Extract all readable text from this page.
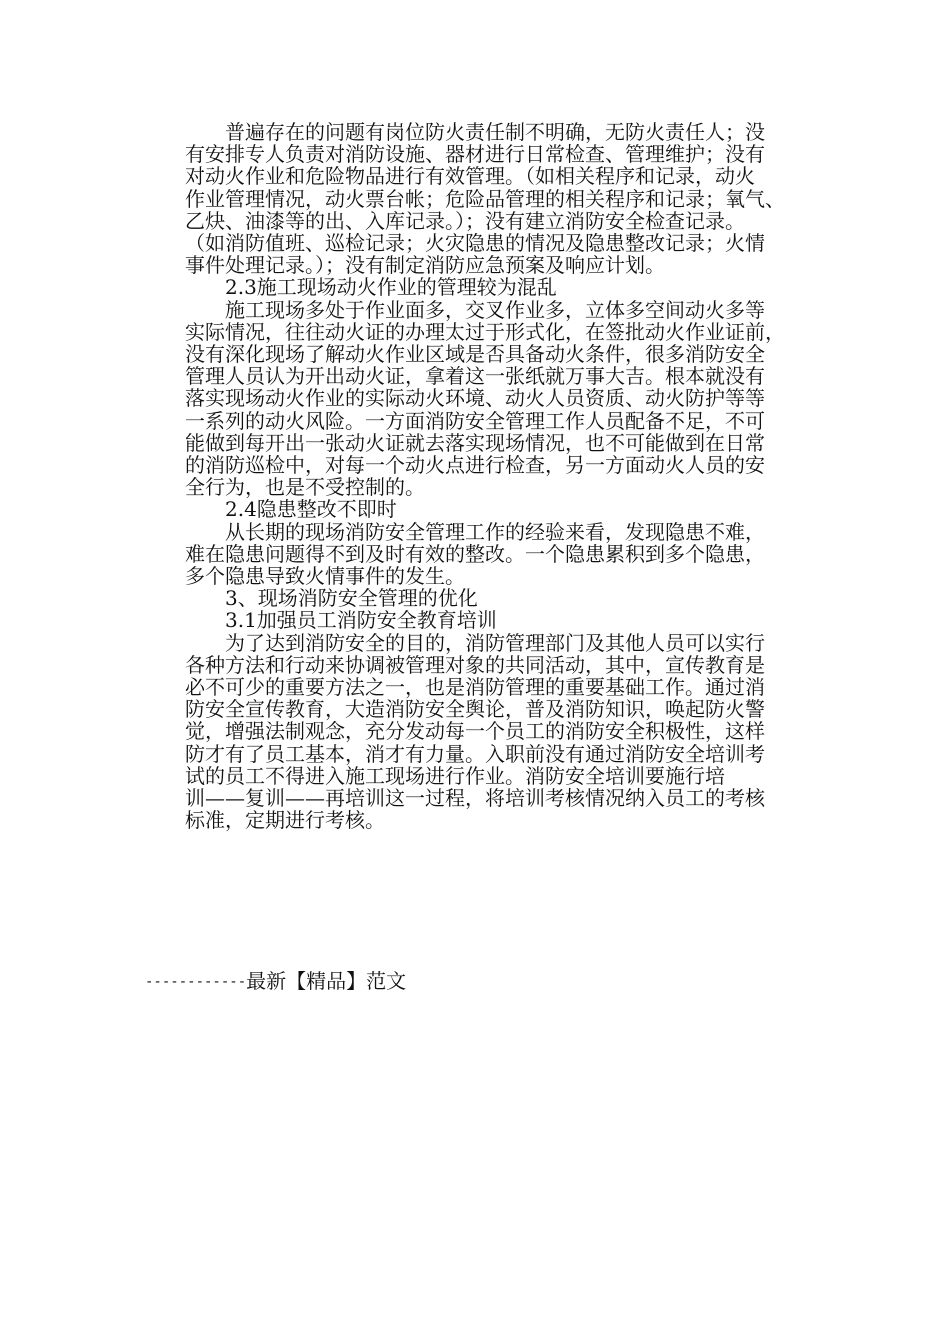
普遍存在的问题有岗位防火责任制不明确，无防火责任人；没
有安排专人负责对消防设施、器材进行日常检查、管理维护；没有
对动火作业和危险物品进行有效管理。（如相关程序和记录，动火
作业管理情况，动火票台帐；危险品管理的相关程序和记录；氧气、
乙炔、油漆等的出、入库记录。）；没有建立消防安全检查记录。
（如消防值班、巡检记录；火灾隐患的情况及隐患整改记录；火情
事件处理记录。）；没有制定消防应急预案及响应计划。
2.3施工现场动火作业的管理较为混乱
施工现场多处于作业面多，交叉作业多，立体多空间动火多等
实际情况，往往动火证的办理太过于形式化，在签批动火作业证前，
没有深化现场了解动火作业区域是否具备动火条件，很多消防安全
管理人员认为开出动火证，拿着这一张纸就万事大吉。根本就没有
落实现场动火作业的实际动火环境、动火人员资质、动火防护等等
一系列的动火风险。一方面消防安全管理工作人员配备不足，不可
能做到每开出一张动火证就去落实现场情况，也不可能做到在日常
的消防巡检中，对每一个动火点进行检查，另一方面动火人员的安
全行为，也是不受控制的。
2.4隐患整改不即时
从长期的现场消防安全管理工作的经验来看，发现隐患不难，
难在隐患问题得不到及时有效的整改。一个隐患累积到多个隐患，
多个隐患导致火情事件的发生。
3、现场消防安全管理的优化
3.1加强员工消防安全教育培训
为了达到消防安全的目的，消防管理部门及其他人员可以实行
各种方法和行动来协调被管理对象的共同活动，其中，宣传教育是
必不可少的重要方法之一，也是消防管理的重要基础工作。通过消
防安全宣传教育，大造消防安全舆论，普及消防知识，唤起防火警
觉，增强法制观念，充分发动每一个员工的消防安全积极性，这样
防才有了员工基本，消才有力量。入职前没有通过消防安全培训考
试的员工不得进入施工现场进行作业。消防安全培训要施行培
训——复训——再培训这一过程，将培训考核情况纳入员工的考核
标准，定期进行考核。
------------最新【精品】范文
